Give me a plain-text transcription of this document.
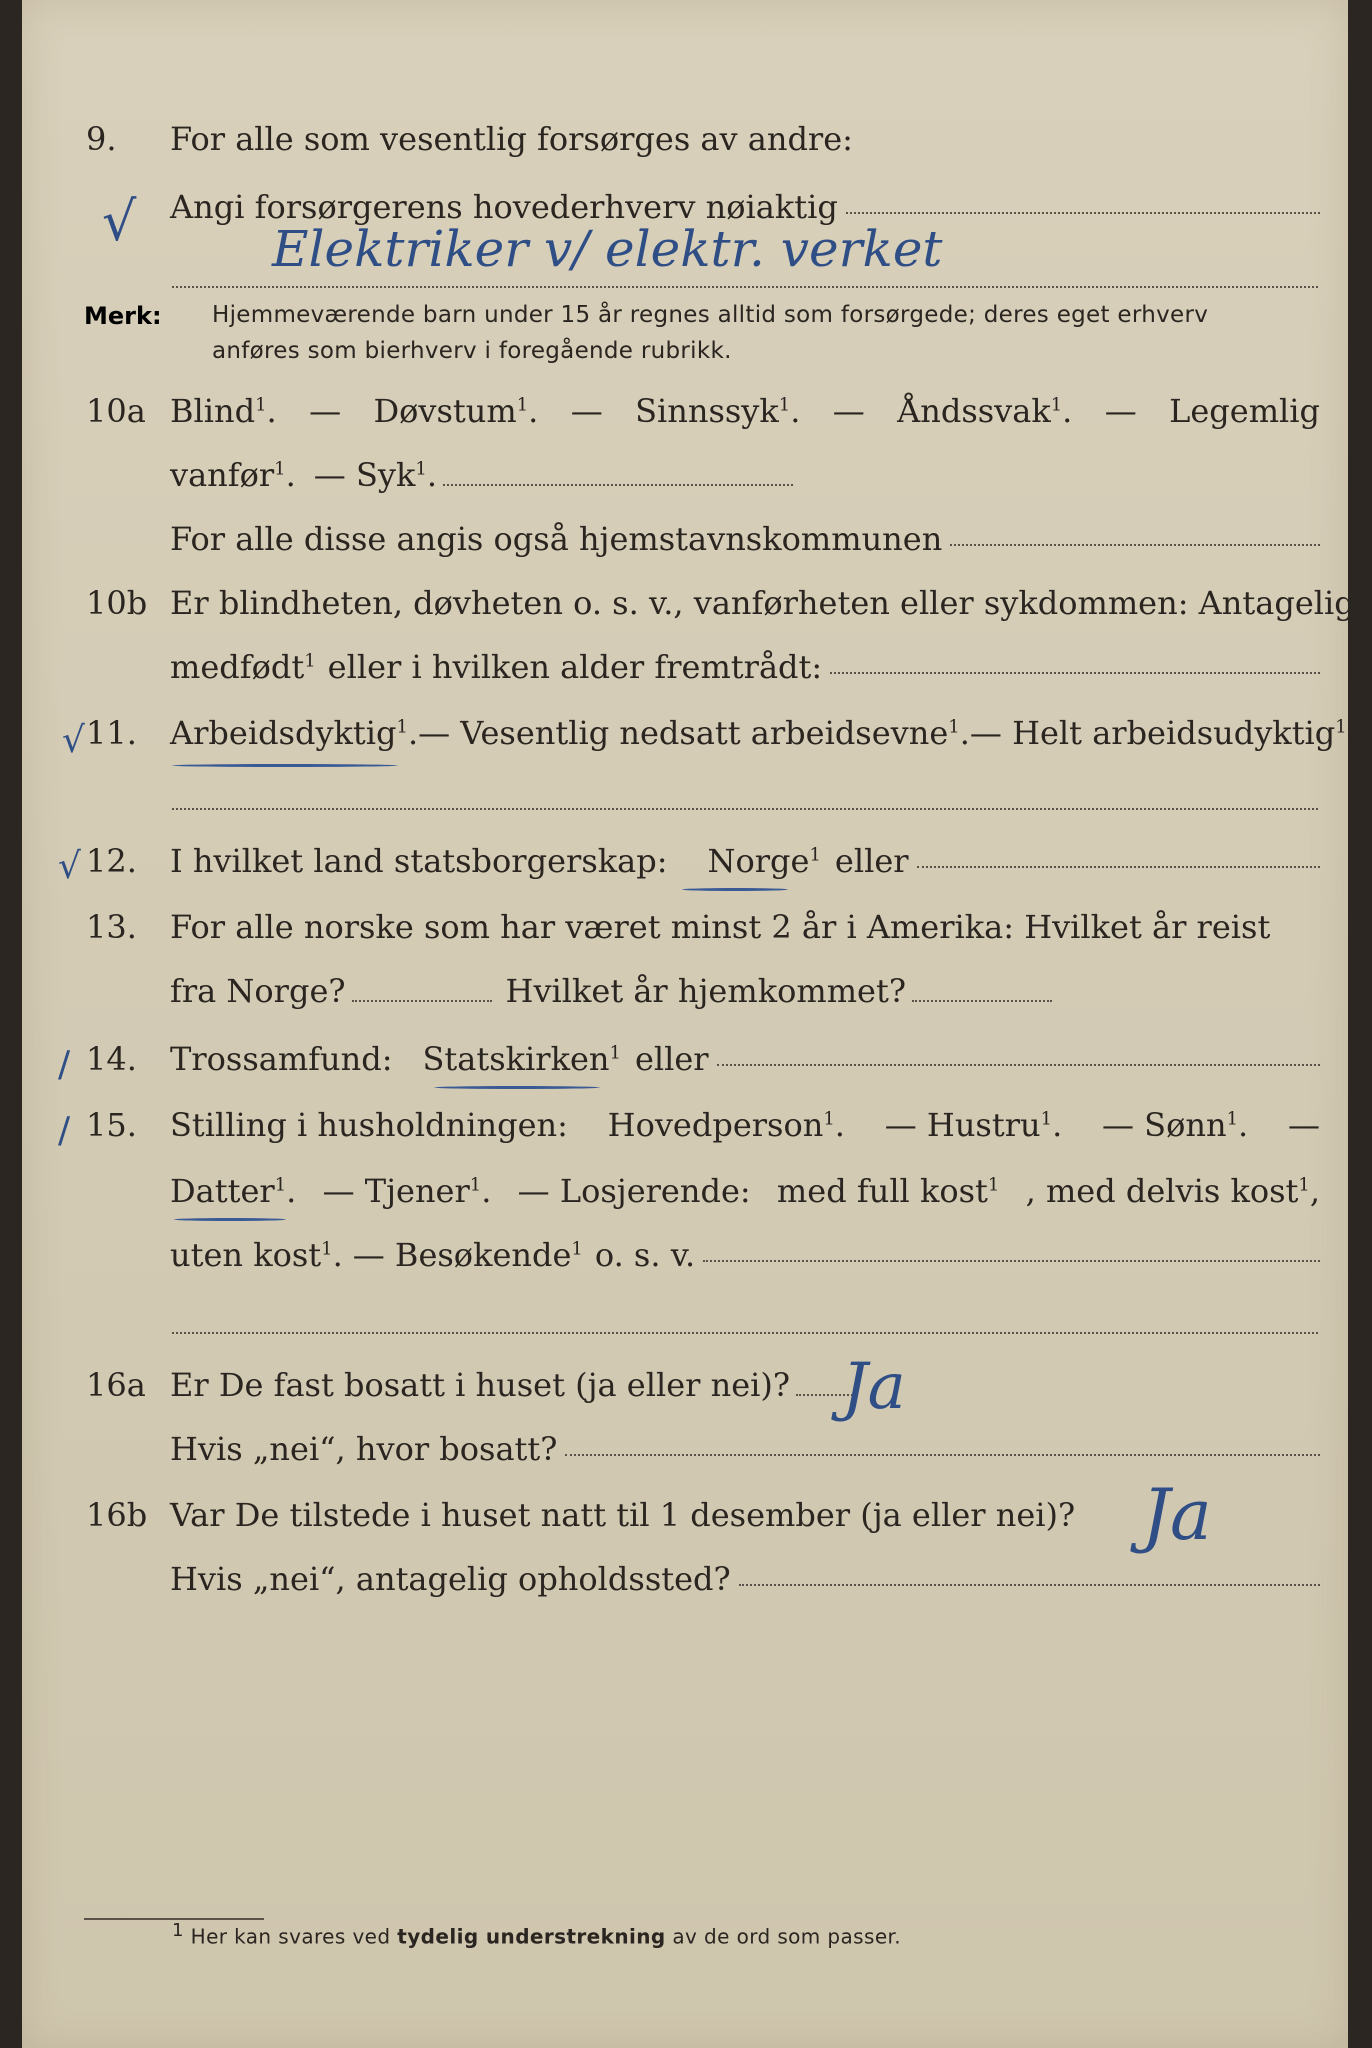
9.	For alle som vesentlig forsørges av andre:
Angi forsørgerens hovederhverv nøiaktig
Elektriker v/ elektr. verket
√
Merk: Hjemmeværende barn under 15 år regnes alltid som forsørgede; deres eget erhverv
anføres som bierhverv i foregående rubrikk.
10a Blind$^1$. — Døvstum$^1$. — Sinnssyk$^1$. — Åndssvak$^1$. — Legemlig
vanfør$^1$. — Syk$^1$.
For alle disse angis også hjemstavnskommunen
10b Er blindheten, døvheten o. s. v., vanførheten eller sykdommen: Antagelig
medfødt$^1$ eller i hvilken alder fremtrådt:
11.	Arbeidsdyktig$^1$. — Vesentlig nedsatt arbeidsevne$^1$. — Helt arbeidsudyktig$^1$.
√
12.	I hvilket land statsborgerskap: Norge$^1$ eller
√
13.	For alle norske som har været minst 2 år i Amerika: Hvilket år reist
fra Norge?	Hvilket år hjemkommet?
14.	Trossamfund: Statskirken$^1$ eller
/
15.	Stilling i husholdningen: Hovedperson$^1$. — Hustru$^1$. — Sønn$^1$. —
/
Datter$^1$. — Tjener$^1$. — Losjerende: med full kost$^1$ , med delvis kost$^1$,
uten kost$^1$. — Besøkende$^1$ o. s. v.
16a Er De fast bosatt i huset (ja eller nei)? Ja
Hvis „nei“, hvor bosatt?
16b Var De tilstede i huset natt til 1 desember (ja eller nei)? Ja
Hvis „nei“, antagelig opholdssted?
$^1$ Her kan svares ved tydelig understrekning av de ord som passer.
